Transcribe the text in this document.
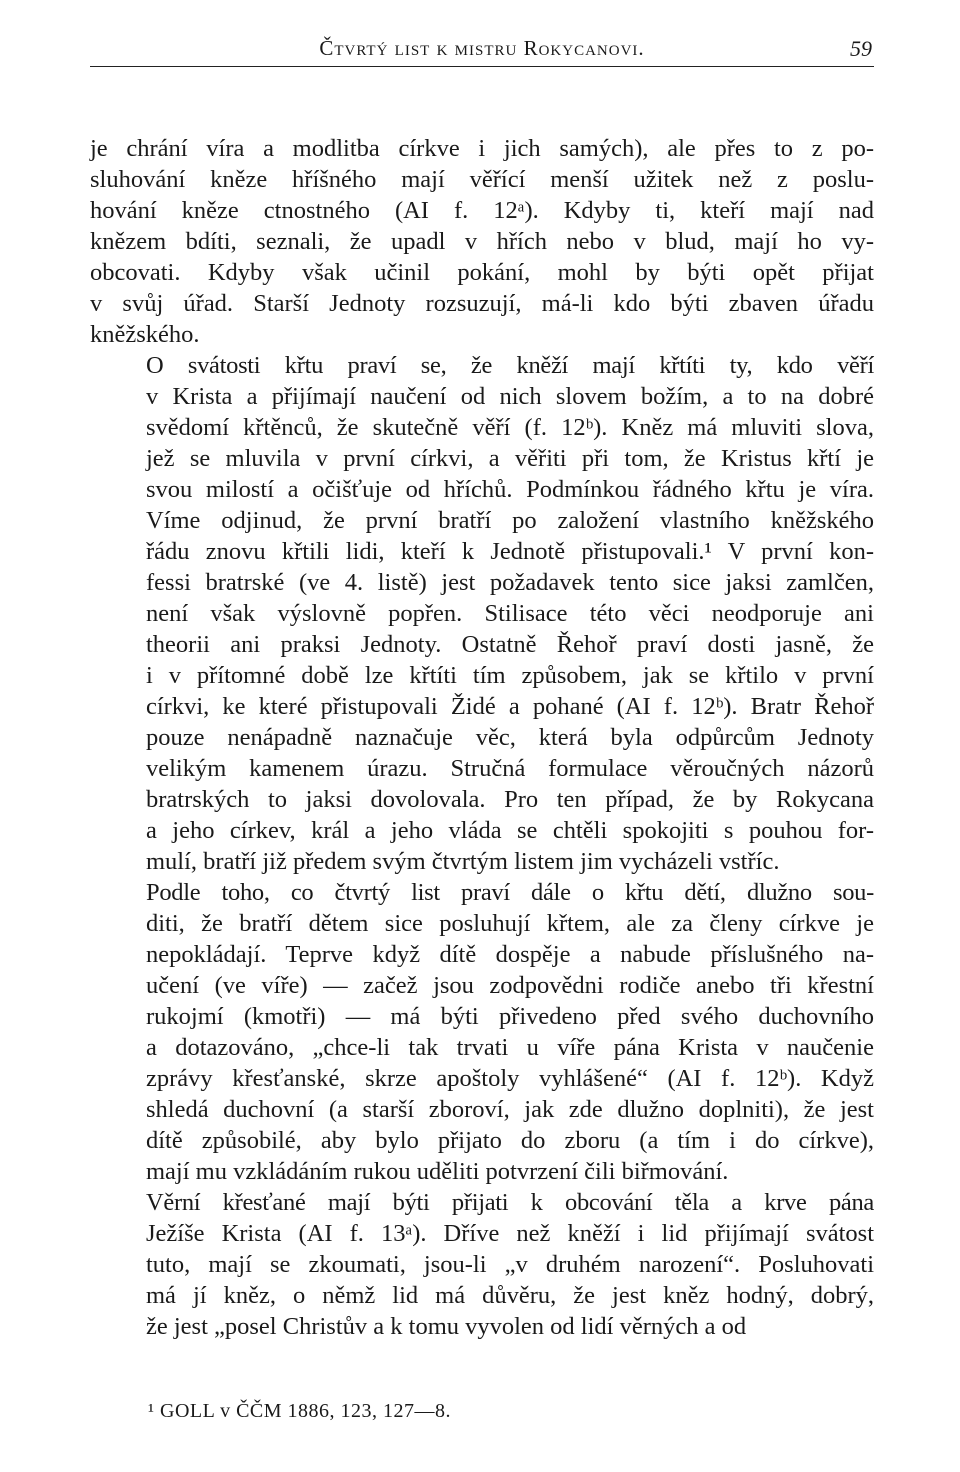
Čtvrtý list k mistru Rokycanovi.	59

je chrání víra a modlitba církve i jich samých), ale přes to z po-
sluhování kněze hříšného mají věřící menší užitek než z poslu-
hování kněze ctnostného (AI f. 12ᵃ). Kdyby ti, kteří mají nad
knězem bdíti, seznali, že upadl v hřích nebo v blud, mají ho vy-
obcovati. Kdyby však učinil pokání, mohl by býti opět přijat
v svůj úřad. Starší Jednoty rozsuzují, má-li kdo býti zbaven úřadu
kněžského.

O svátosti křtu praví se, že kněží mají křtíti ty, kdo věří
v Krista a přijímají naučení od nich slovem božím, a to na dobré
svědomí křtěnců, že skutečně věří (f. 12ᵇ). Kněz má mluviti slova,
jež se mluvila v první církvi, a věřiti při tom, že Kristus křtí je
svou milostí a očišťuje od hříchů. Podmínkou řádného křtu je víra.
Víme odjinud, že první bratří po založení vlastního kněžského
řádu znovu křtili lidi, kteří k Jednotě přistupovali.¹ V první kon-
fessi bratrské (ve 4. listě) jest požadavek tento sice jaksi zamlčen,
není však výslovně popřen. Stilisace této věci neodporuje ani
theorii ani praksi Jednoty. Ostatně Řehoř praví dosti jasně, že
i v přítomné době lze křtíti tím způsobem, jak se křtilo v první
církvi, ke které přistupovali Židé a pohané (AI f. 12ᵇ). Bratr Řehoř
pouze nenápadně naznačuje věc, která byla odpůrcům Jednoty
velikým kamenem úrazu. Stručná formulace věroučných názorů
bratrských to jaksi dovolovala. Pro ten případ, že by Rokycana
a jeho církev, král a jeho vláda se chtěli spokojiti s pouhou for-
mulí, bratří již předem svým čtvrtým listem jim vycházeli vstříc.

Podle toho, co čtvrtý list praví dále o křtu dětí, dlužno sou-
diti, že bratří dětem sice posluhují křtem, ale za členy církve je
nepokládají. Teprve když dítě dospěje a nabude příslušného na-
učení (ve víře) — začež jsou zodpovědni rodiče anebo tři křestní
rukojmí (kmotři) — má býti přivedeno před svého duchovního
a dotazováno, „chce-li tak trvati u víře pána Krista v naučenie
zprávy křesťanské, skrze apoštoly vyhlášené“ (AI f. 12ᵇ). Když
shledá duchovní (a starší zboroví, jak zde dlužno doplniti), že jest
dítě způsobilé, aby bylo přijato do zboru (a tím i do církve),
mají mu vzkládáním rukou uděliti potvrzení čili biřmování.

Věrní křesťané mají býti přijati k obcování těla a krve pána
Ježíše Krista (AI f. 13ᵃ). Dříve než kněží i lid přijímají svátost
tuto, mají se zkoumati, jsou-li „v druhém narození“. Posluhovati
má jí kněz, o němž lid má důvěru, že jest kněz hodný, dobrý,
že jest „posel Christův a k tomu vyvolen od lidí věrných a od

¹ GOLL v ČČM 1886, 123, 127—8.
